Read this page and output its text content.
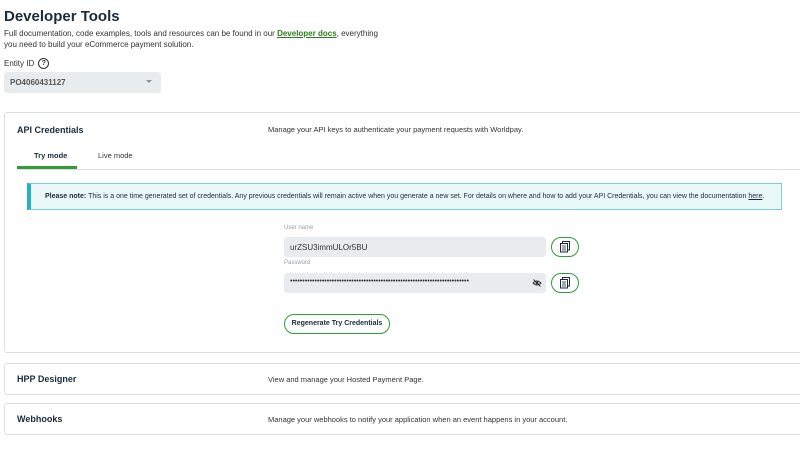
Developer Tools
Full documentation, code examples, tools and resources can be found in our Developer docs, everything you need to build your eCommerce payment solution.
Entity ID	?
PO4060431127
API Credentials	Manage your API keys to authenticate your payment requests with Worldpay.
Try mode	Live mode
Please note: This is a one time generated set of credentials. Any previous credentials will remain active when you generate a new set. For details on where and how to add your API Credentials, you can view the documentation here.
User name
urZSU3immULOr5BU
Password
•••••••••••••••••••••••••••••••••••••••••••••••••••••••••••••••••••••••••
Regenerate Try Credentials
HPP Designer	View and manage your Hosted Payment Page.
Webhooks	Manage your webhooks to notify your application when an event happens in your account.
